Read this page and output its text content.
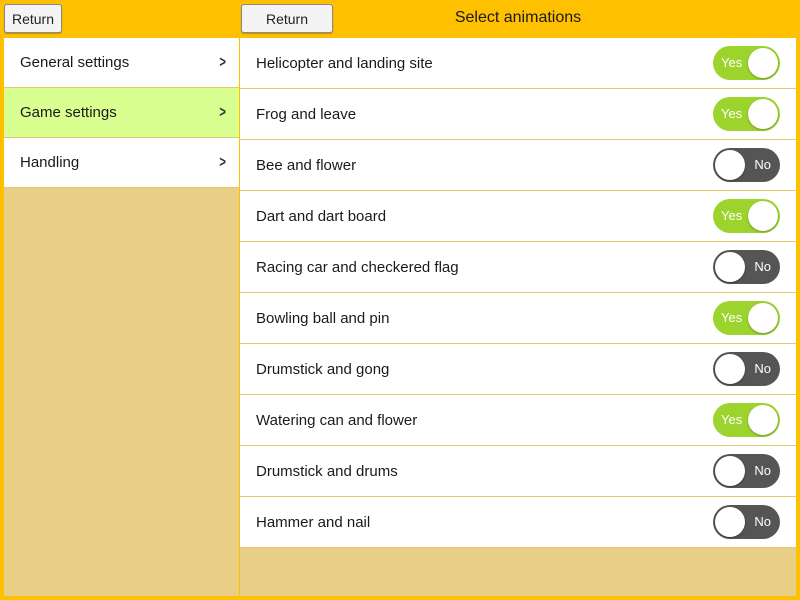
Return	Return	Select animations
General settings	>
Game settings	>
Handling	>
Helicopter and landing site	Yes
Frog and leave	Yes
Bee and flower	No
Dart and dart board	Yes
Racing car and checkered flag	No
Bowling ball and pin	Yes
Drumstick and gong	No
Watering can and flower	Yes
Drumstick and drums	No
Hammer and nail	No
